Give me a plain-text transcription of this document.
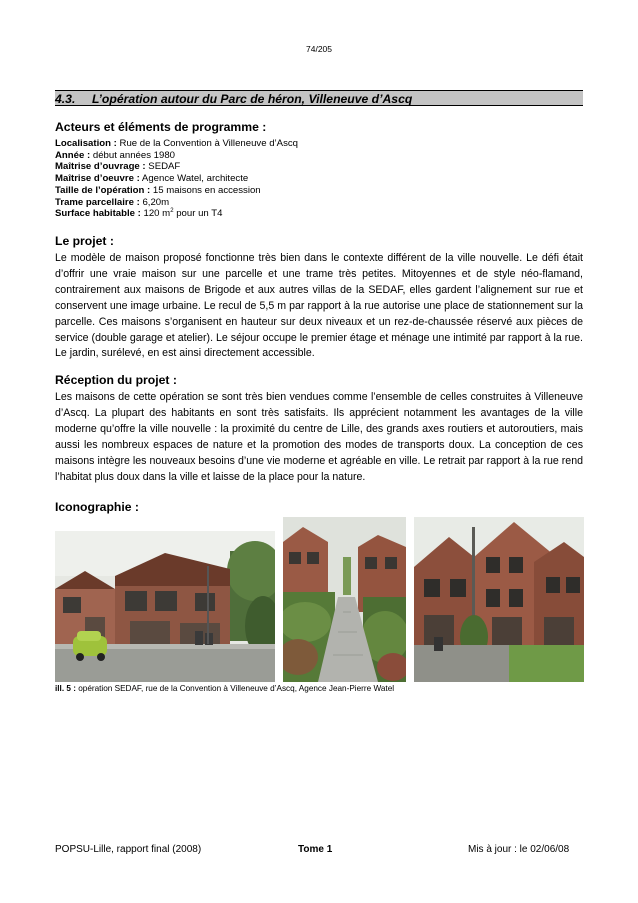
74/205
4.3. L’opération autour du Parc de héron, Villeneuve d’Ascq
Acteurs et éléments de programme :
Localisation : Rue de la Convention à Villeneuve d’Ascq
Année : début années 1980
Maîtrise d’ouvrage : SEDAF
Maîtrise d’oeuvre : Agence Watel, architecte
Taille de l’opération : 15 maisons en accession
Trame parcellaire : 6,20m
Surface habitable : 120 $m^2$ pour un T4
Le projet :

Le modèle de maison proposé fonctionne très bien dans le contexte différent de la ville nouvelle. Le défi était d’offrir une vraie maison sur une parcelle et une trame très petites. Mitoyennes et de style néo-flamand, contrairement aux maisons de Brigode et aux autres villas de la SEDAF, elles gardent l’alignement sur rue et conservent une image urbaine. Le recul de 5,5 m par rapport à la rue autorise une place de stationnement sur la parcelle. Ces maisons s’organisent en hauteur sur deux niveaux et un rez-de-chaussée réservé aux pièces de service (double garage et atelier). Le séjour occupe le premier étage et ménage une intimité par rapport à la rue. Le jardin, surélevé, en est ainsi directement accessible.

Réception du projet :

Les maisons de cette opération se sont très bien vendues comme l’ensemble de celles construites à Villeneuve d’Ascq. La plupart des habitants en sont très satisfaits. Ils apprécient notamment les avantages de la ville moderne qu’offre la ville nouvelle : la proximité du centre de Lille, des grands axes routiers et autoroutiers, mais aussi les nombreux espaces de nature et la promotion des modes de transports doux. La conception de ces maisons intègre les nouveaux besoins d’une vie moderne et agréable en ville. Le retrait par rapport à la rue rend l’habitat plus doux dans la ville et laisse de la place pour la nature.

Iconographie :
ill. 5 : opération SEDAF, rue de la Convention à Villeneuve d’Ascq, Agence Jean-Pierre Watel
POPSU-Lille, rapport final (2008)	Tome 1	Mis à jour : le 02/06/08
